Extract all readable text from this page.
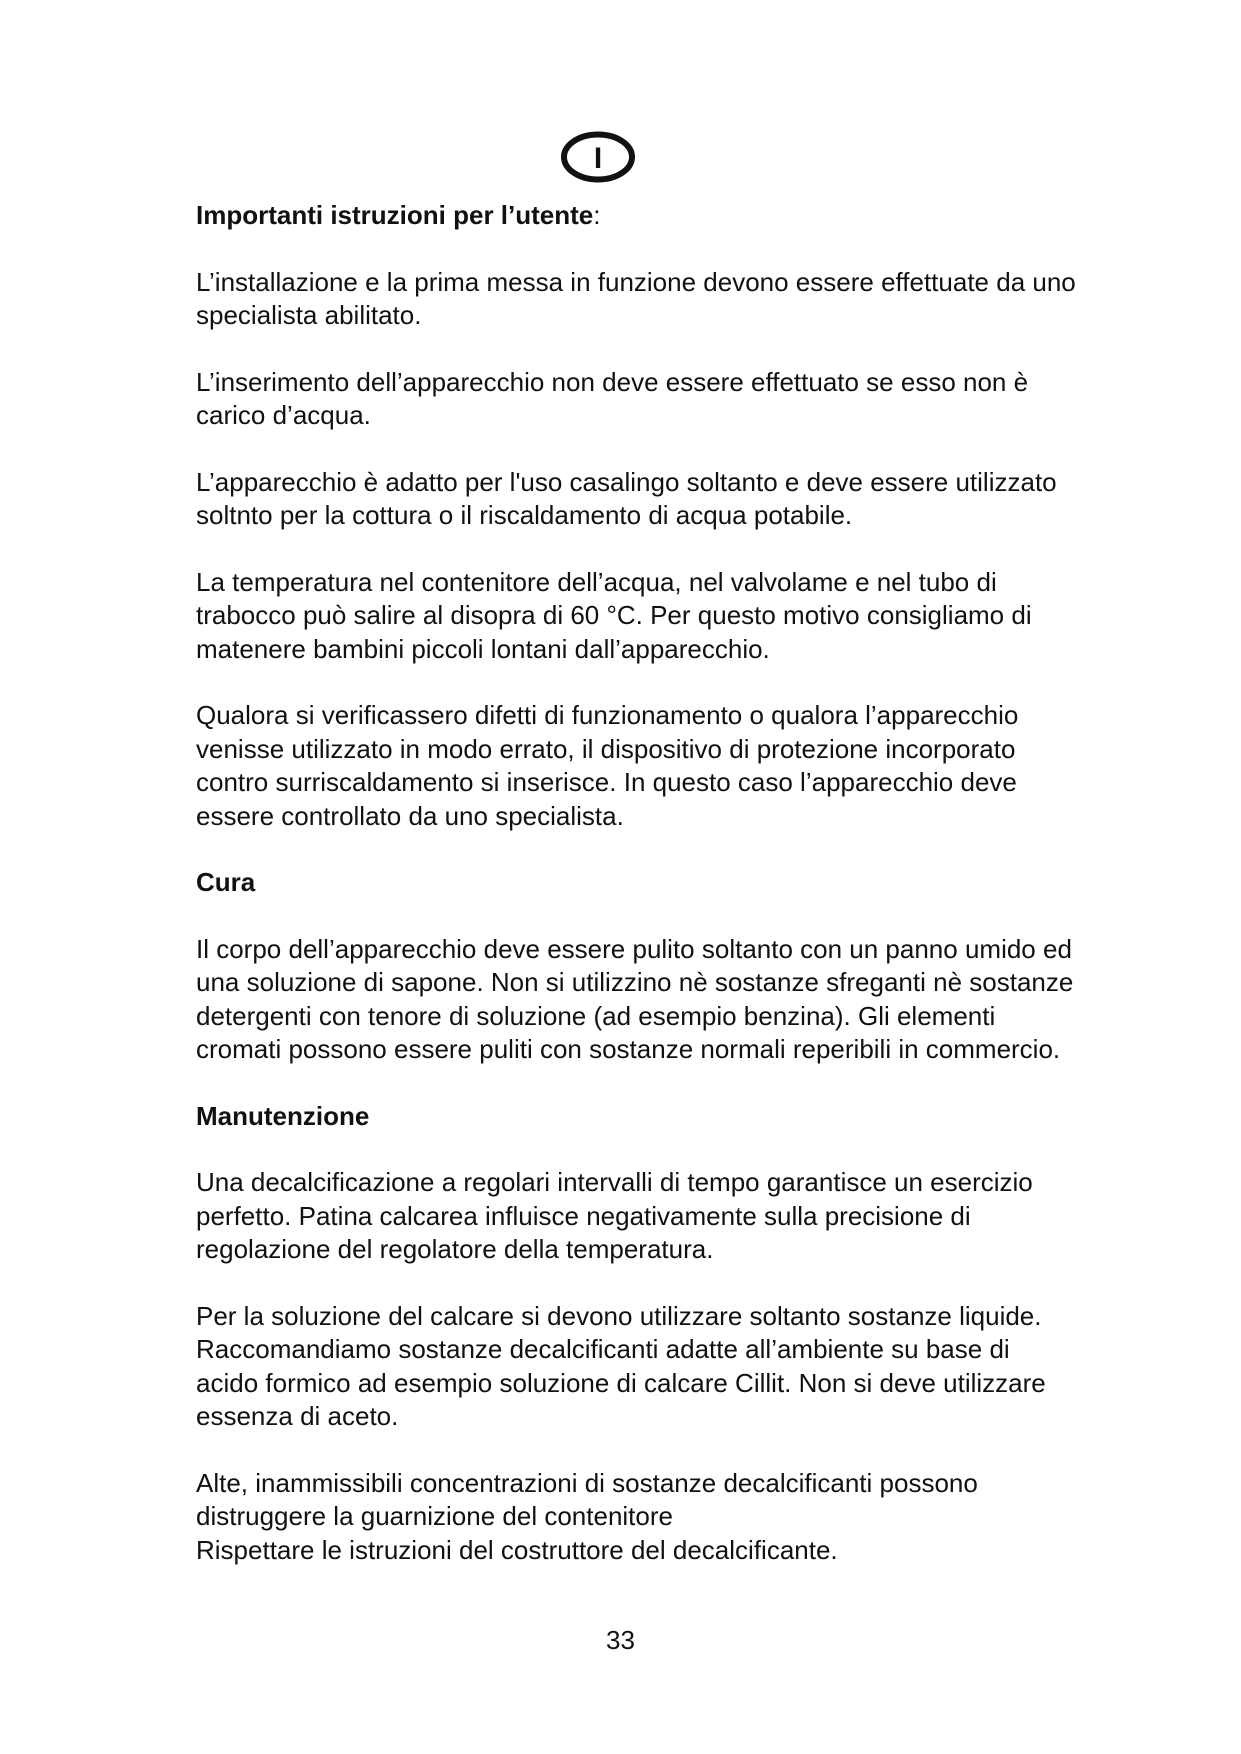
I
Importanti istruzioni per l’utente:

L’installazione e la prima messa in funzione devono essere effettuate da uno specialista abilitato.

L’inserimento dell’apparecchio non deve essere effettuato se esso non è carico d’acqua.

L’apparecchio è adatto per l'uso casalingo soltanto e deve essere utilizzato soltnto per la cottura o il riscaldamento di acqua potabile.

La temperatura nel contenitore dell’acqua, nel valvolame e nel tubo di trabocco può salire al disopra di 60 °C. Per questo motivo consigliamo di matenere bambini piccoli lontani dall’apparecchio.

Qualora si verificassero difetti di funzionamento o qualora l’apparecchio venisse utilizzato in modo errato, il dispositivo di protezione incorporato contro surriscaldamento si inserisce. In questo caso l’apparecchio deve essere controllato da uno specialista.

Cura

Il corpo dell’apparecchio deve essere pulito soltanto con un panno umido ed una soluzione di sapone. Non si utilizzino nè sostanze sfreganti nè sostanze detergenti con tenore di soluzione (ad esempio benzina). Gli elementi cromati possono essere puliti con sostanze normali reperibili in commercio.

Manutenzione

Una decalcificazione a regolari intervalli di tempo garantisce un esercizio perfetto. Patina calcarea influisce negativamente sulla precisione di regolazione del regolatore della temperatura.

Per la soluzione del calcare si devono utilizzare soltanto sostanze liquide. Raccomandiamo sostanze decalcificanti adatte all’ambiente su base di acido formico ad esempio soluzione di calcare Cillit. Non si deve utilizzare essenza di aceto.

Alte, inammissibili concentrazioni di sostanze decalcificanti possono distruggere la guarnizione del contenitore
Rispettare le istruzioni del costruttore del decalcificante.

33
